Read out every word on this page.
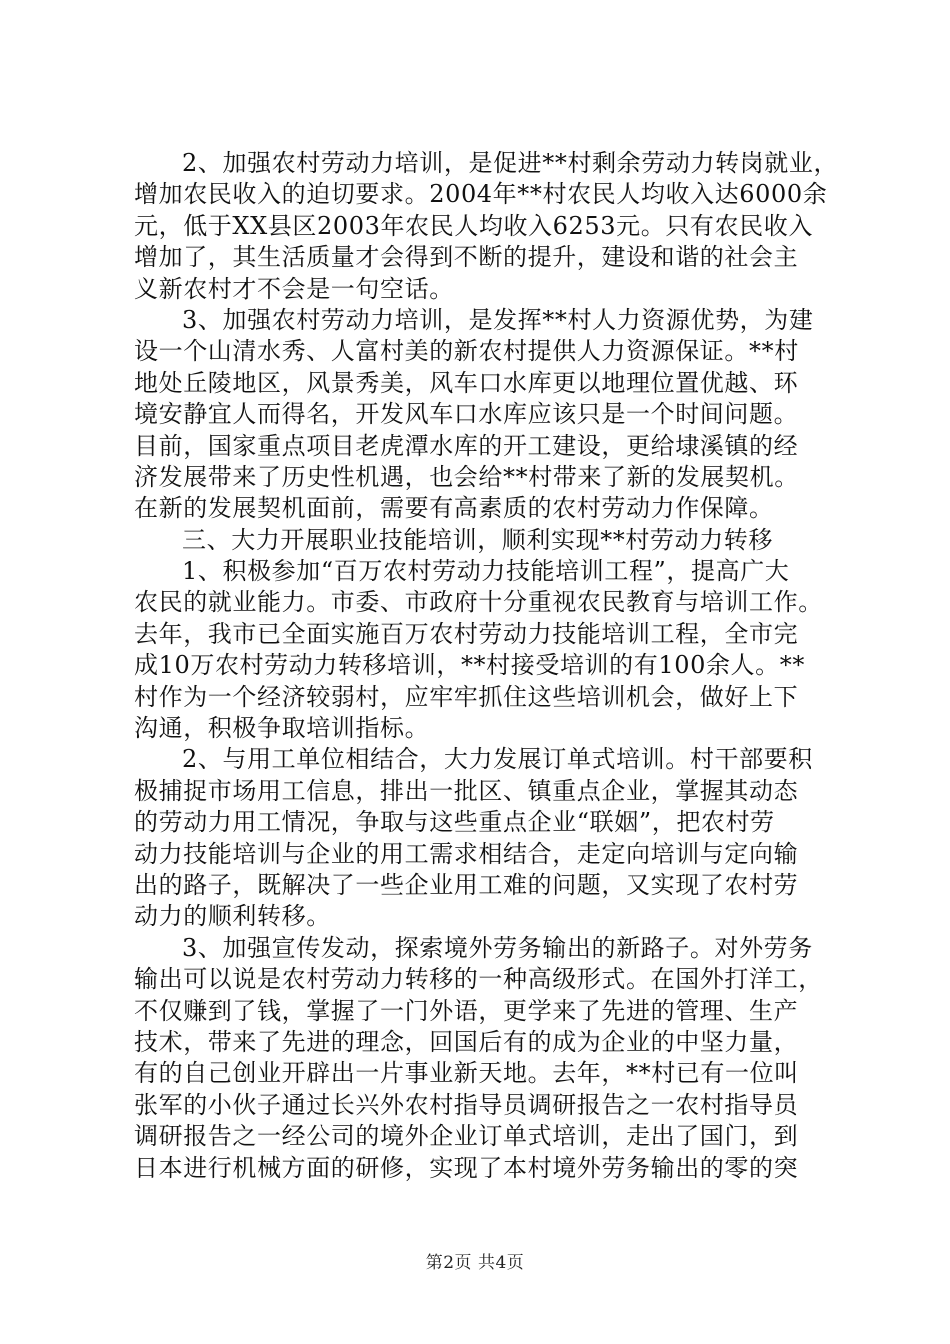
2、加强农村劳动力培训，是促进**村剩余劳动力转岗就业，
增加农民收入的迫切要求。2004年**村农民人均收入达6000余
元，低于XX县区2003年农民人均收入6253元。只有农民收入
增加了，其生活质量才会得到不断的提升，建设和谐的社会主
义新农村才不会是一句空话。
3、加强农村劳动力培训，是发挥**村人力资源优势，为建
设一个山清水秀、人富村美的新农村提供人力资源保证。**村
地处丘陵地区，风景秀美，风车口水库更以地理位置优越、环
境安静宜人而得名，开发风车口水库应该只是一个时间问题。
目前，国家重点项目老虎潭水库的开工建设，更给埭溪镇的经
济发展带来了历史性机遇，也会给**村带来了新的发展契机。
在新的发展契机面前，需要有高素质的农村劳动力作保障。
三、大力开展职业技能培训，顺利实现**村劳动力转移
1、积极参加“百万农村劳动力技能培训工程”，提高广大
农民的就业能力。市委、市政府十分重视农民教育与培训工作。
去年，我市已全面实施百万农村劳动力技能培训工程，全市完
成10万农村劳动力转移培训，**村接受培训的有100余人。**
村作为一个经济较弱村，应牢牢抓住这些培训机会，做好上下
沟通，积极争取培训指标。
2、与用工单位相结合，大力发展订单式培训。村干部要积
极捕捉市场用工信息，排出一批区、镇重点企业，掌握其动态
的劳动力用工情况，争取与这些重点企业“联姻”，把农村劳
动力技能培训与企业的用工需求相结合，走定向培训与定向输
出的路子，既解决了一些企业用工难的问题，又实现了农村劳
动力的顺利转移。
3、加强宣传发动，探索境外劳务输出的新路子。对外劳务
输出可以说是农村劳动力转移的一种高级形式。在国外打洋工，
不仅赚到了钱，掌握了一门外语，更学来了先进的管理、生产
技术，带来了先进的理念，回国后有的成为企业的中坚力量，
有的自己创业开辟出一片事业新天地。去年，**村已有一位叫
张军的小伙子通过长兴外农村指导员调研报告之一农村指导员
调研报告之一经公司的境外企业订单式培训，走出了国门，到
日本进行机械方面的研修，实现了本村境外劳务输出的零的突
第2页 共4页
